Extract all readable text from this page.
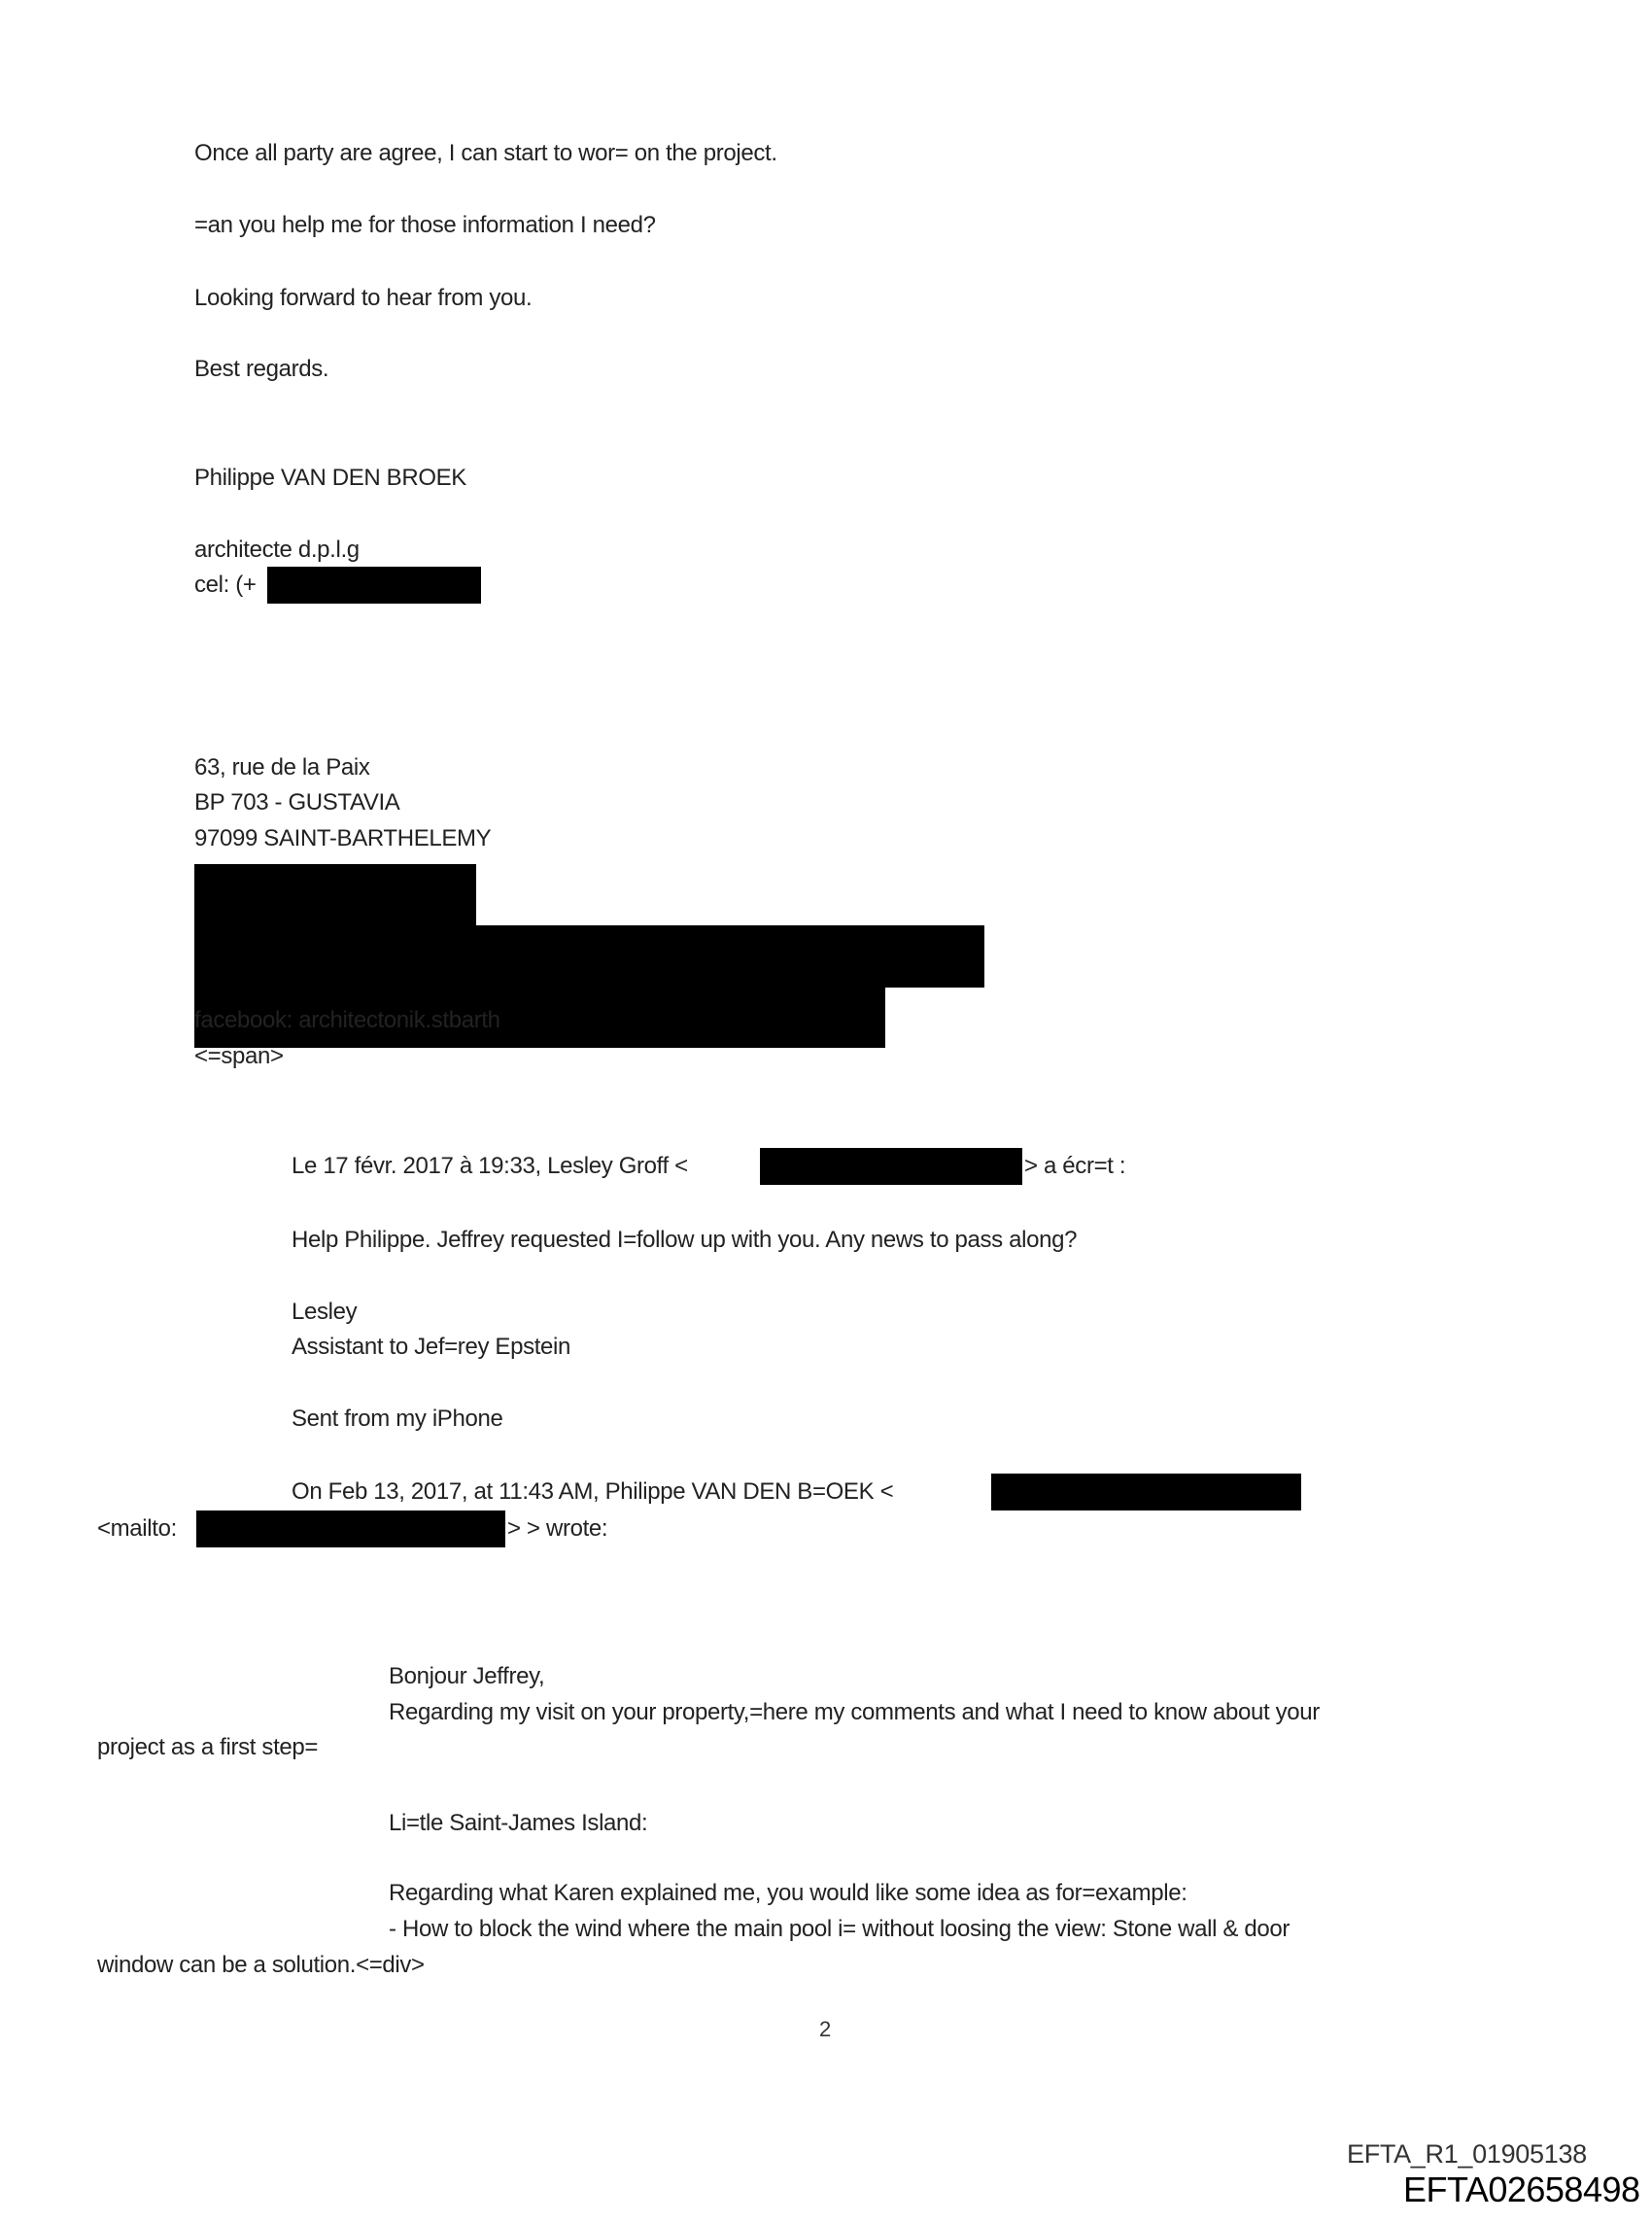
Once all party are agree, I can start to wor= on the project.
=an you help me for those information I need?
Looking forward to hear from you.
Best regards.
Philippe VAN DEN BROEK
architecte d.p.l.g
cel: (+
63, rue de la Paix
BP 703 - GUSTAVIA
97099 SAINT-BARTHELEMY
facebook: architectonik.stbarth
<=span>
Le 17 févr. 2017 à 19:33, Lesley Groff <	> a écr=t :
Help Philippe. Jeffrey requested I=follow up with you. Any news to pass along?
Lesley
Assistant to Jef=rey Epstein
Sent from my iPhone
On Feb 13, 2017, at 11:43 AM, Philippe VAN DEN B=OEK <
<mailto:	> > wrote:
Bonjour Jeffrey,
Regarding my visit on your property,=here my comments and what I need to know about your
project as a first step=
Li=tle Saint-James Island:
Regarding what Karen explained me, you would like some idea as for=example:
- How to block the wind where the main pool i= without loosing the view: Stone wall & door
window can be a solution.<=div>
2
EFTA_R1_01905138
EFTA02658498
